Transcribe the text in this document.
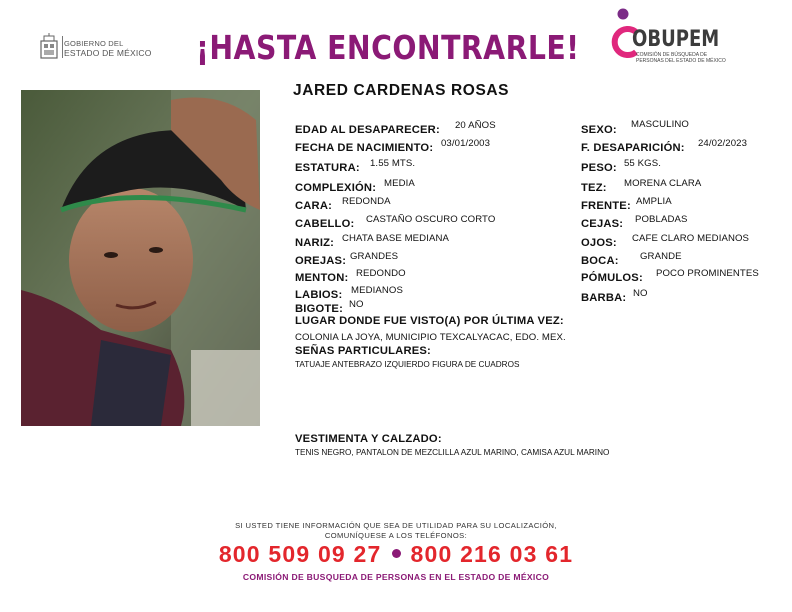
GOBIERNO DEL
ESTADO DE MÉXICO ¡HASTA ENCONTRARLE! OBUPEM
COMISIÓN DE BÚSQUEDA DE PERSONAS DEL ESTADO DE MÉXICO
JARED CARDENAS ROSAS
EDAD AL DESAPARECER: 20 AÑOS
FECHA DE NACIMIENTO: 03/01/2003
ESTATURA: 1.55 MTS.
COMPLEXIÓN: MEDIA
CARA: REDONDA
CABELLO: CASTAÑO OSCURO CORTO
NARIZ: CHATA BASE MEDIANA
OREJAS: GRANDES
MENTON: REDONDO
LABIOS: MEDIANOS
BIGOTE: NO
SEXO: MASCULINO
F. DESAPARICIÓN: 24/02/2023
PESO: 55 KGS.
TEZ: MORENA CLARA
FRENTE: AMPLIA
CEJAS: POBLADAS
OJOS: CAFE CLARO MEDIANOS
BOCA: GRANDE
PÓMULOS: POCO PROMINENTES
BARBA: NO
LUGAR DONDE FUE VISTO(A) POR ÚLTIMA VEZ:
COLONIA LA JOYA, MUNICIPIO TEXCALYACAC, EDO. MEX.
SEÑAS PARTICULARES:
TATUAJE ANTEBRAZO IZQUIERDO FIGURA DE CUADROS
VESTIMENTA Y CALZADO:
TENIS NEGRO, PANTALON DE MEZCLILLA AZUL MARINO, CAMISA AZUL MARINO
SI USTED TIENE INFORMACIÓN QUE SEA DE UTILIDAD PARA SU LOCALIZACIÓN,
COMUNÍQUESE A LOS TELÉFONOS:
800 509 09 27 800 216 03 61
COMISIÓN DE BUSQUEDA DE PERSONAS EN EL ESTADO DE MÉXICO
